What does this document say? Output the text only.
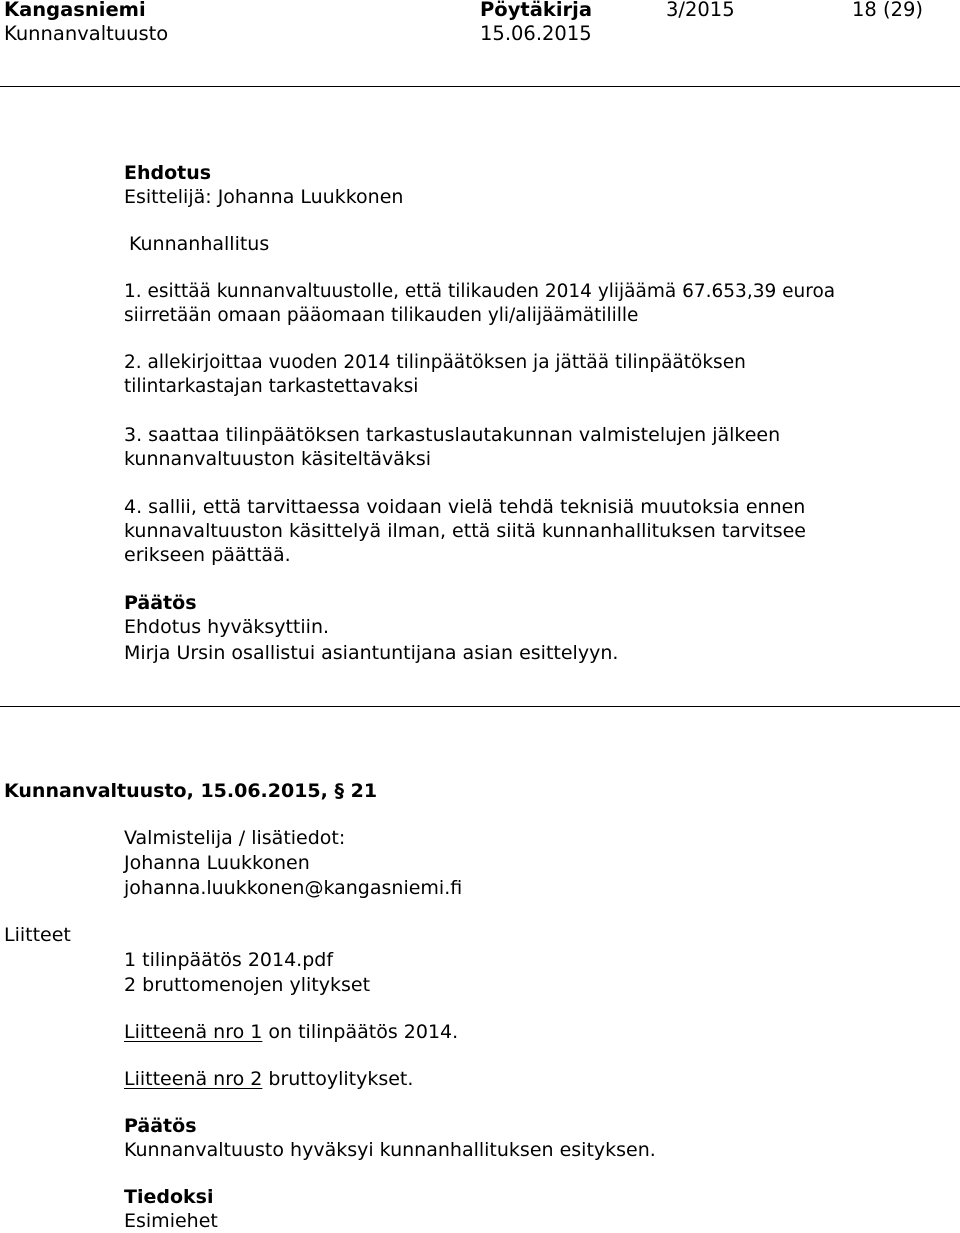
Kangasniemi
Kunnanvaltuusto
Pöytäkirja
15.06.2015
3/2015	18 (29)
Ehdotus
Esittelijä: Johanna Luukkonen
Kunnanhallitus
1. esittää kunnanvaltuustolle, että tilikauden 2014 ylijäämä 67.653,39 euroa
siirretään omaan pääomaan tilikauden yli/alijäämätilille
2. allekirjoittaa vuoden 2014 tilinpäätöksen ja jättää tilinpäätöksen
tilintarkastajan tarkastettavaksi
3. saattaa tilinpäätöksen tarkastuslautakunnan valmistelujen jälkeen
kunnanvaltuuston käsiteltäväksi
4. sallii, että tarvittaessa voidaan vielä tehdä teknisiä muutoksia ennen
kunnavaltuuston käsittelyä ilman, että siitä kunnanhallituksen tarvitsee
erikseen päättää.
Päätös
Ehdotus hyväksyttiin.
Mirja Ursin osallistui asiantuntijana asian esittelyyn.
Kunnanvaltuusto, 15.06.2015, § 21
Valmistelija / lisätiedot:
Johanna Luukkonen
johanna.luukkonen@kangasniemi.fi
Liitteet
1 tilinpäätös 2014.pdf
2 bruttomenojen ylitykset
Liitteenä nro 1 on tilinpäätös 2014.
Liitteenä nro 2 bruttoylitykset.
Päätös
Kunnanvaltuusto hyväksyi kunnanhallituksen esityksen.
Tiedoksi
Esimiehet
